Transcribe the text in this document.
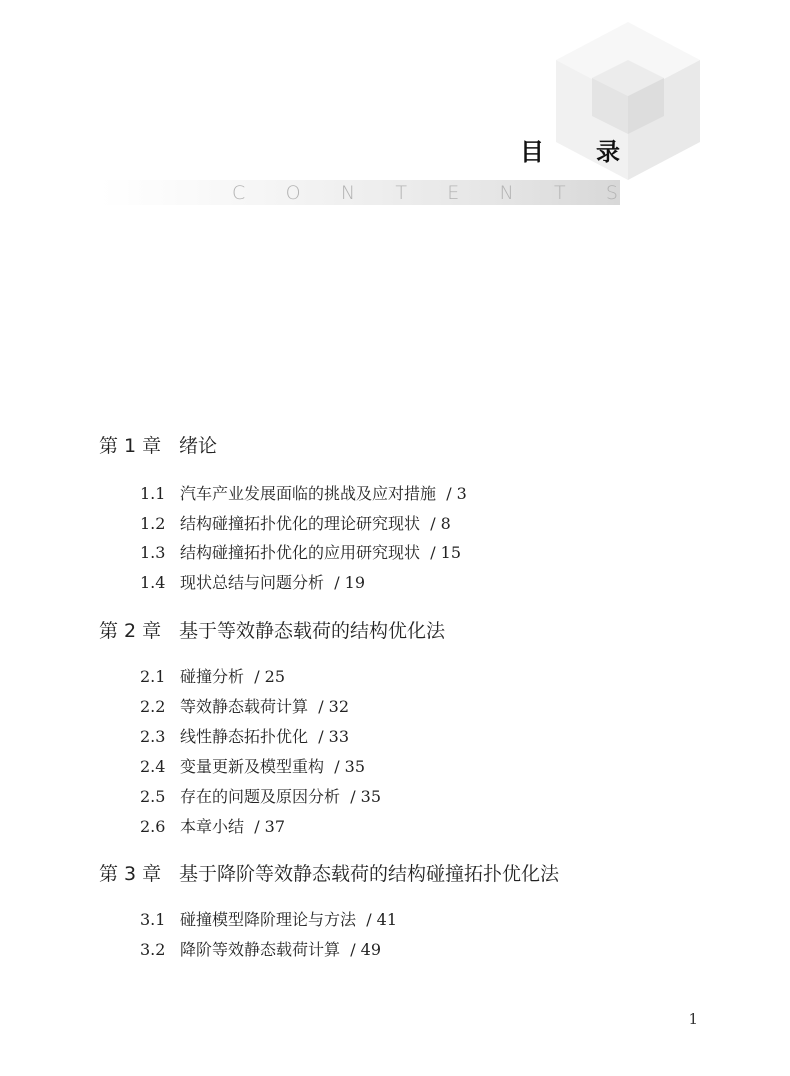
目 录
C O N T E N T S
第 1 章 绪论
1.1 汽车产业发展面临的挑战及应对措施 / 3
1.2 结构碰撞拓扑优化的理论研究现状 / 8
1.3 结构碰撞拓扑优化的应用研究现状 / 15
1.4 现状总结与问题分析 / 19
第 2 章 基于等效静态载荷的结构优化法
2.1 碰撞分析 / 25
2.2 等效静态载荷计算 / 32
2.3 线性静态拓扑优化 / 33
2.4 变量更新及模型重构 / 35
2.5 存在的问题及原因分析 / 35
2.6 本章小结 / 37
第 3 章 基于降阶等效静态载荷的结构碰撞拓扑优化法
3.1 碰撞模型降阶理论与方法 / 41
3.2 降阶等效静态载荷计算 / 49
1
